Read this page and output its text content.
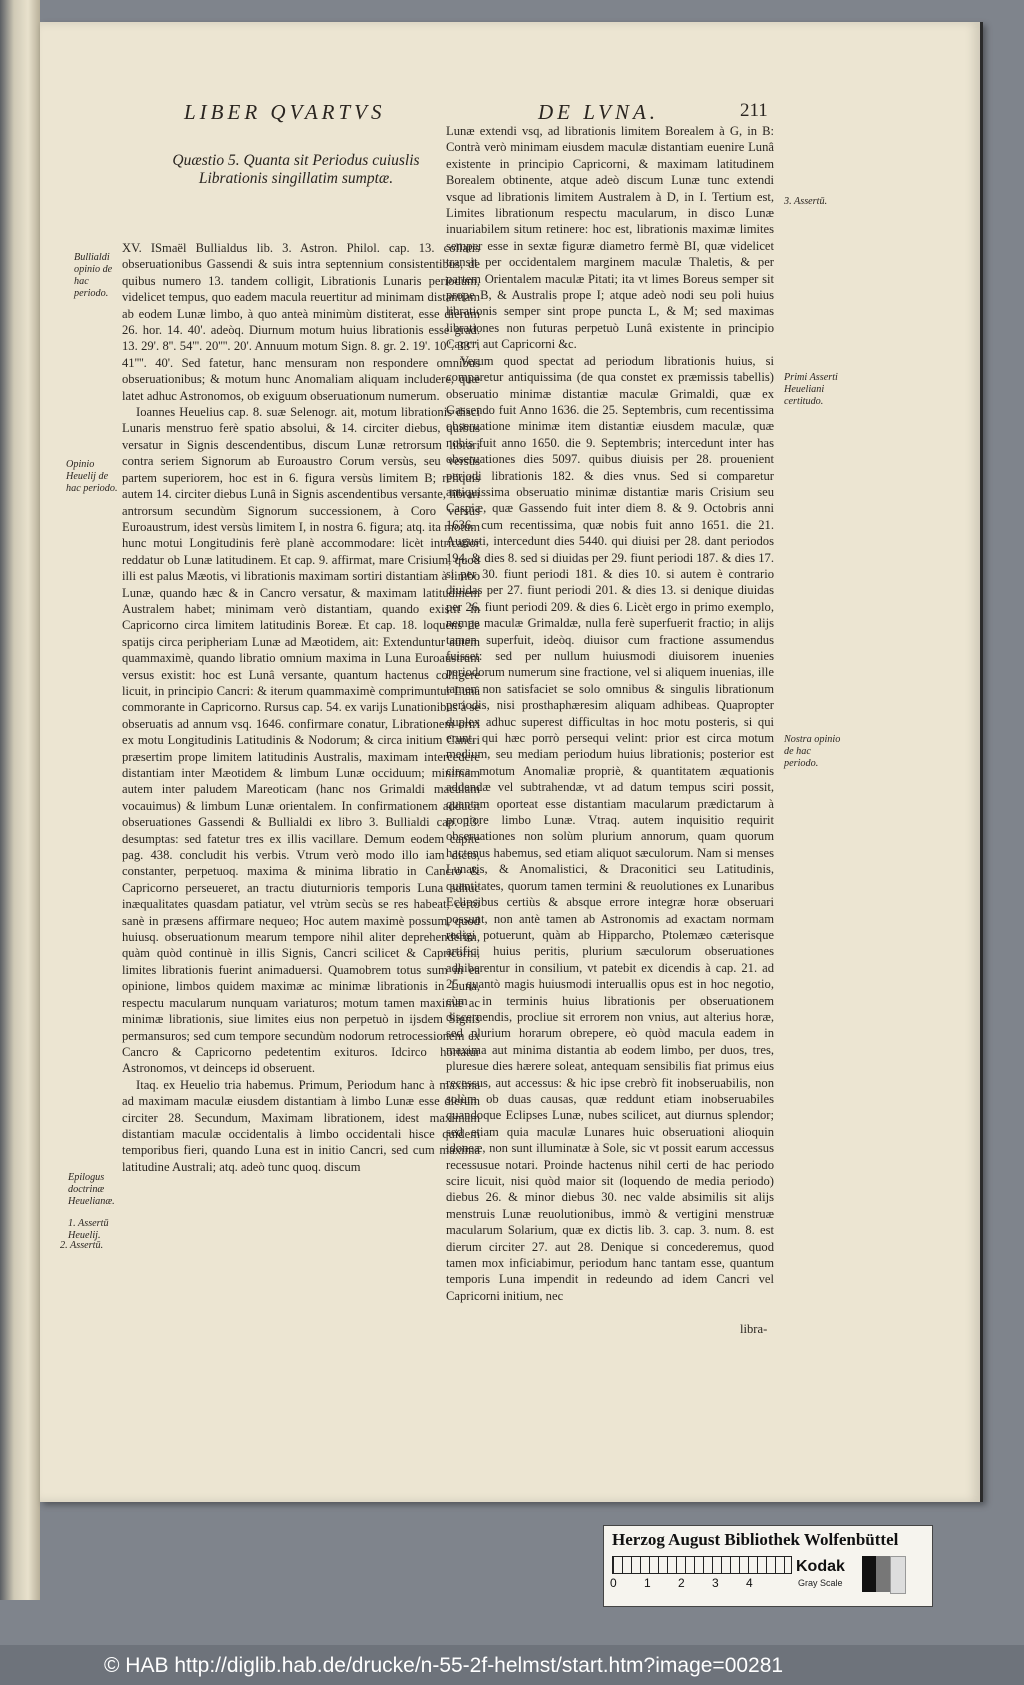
LIBER QVARTVS	DE LVNA.	211
Quæstio 5. Quanta sit Periodus cuiuslis Librationis singillatim sumptæ.

XV. ISmaël Bullialdus lib. 3. Astron. Philol. cap. 13. collatis obseruationibus Gassendi & suis intra septennium consistentibus, de quibus numero 13. tandem colligit, Librationis Lunaris periodum, videlicet tempus, quo eadem macula reuertitur ad minimam distantiam ab eodem Lunæ limbo, à quo anteà minimùm distiterat, esse dierum 26. hor. 14. 40'. adeòq. Diurnum motum huius librationis esse grad. 13. 29'. 8''. 54'''. 20''''. 20'. Annuum motum Sign. 8. gr. 2. 19'. 10''. 33'''. 41''''. 40'. Sed fatetur, hanc mensuram non respondere omnibus obseruationibus; & motum hunc Anomaliam aliquam includere, quæ latet adhuc Astronomos, ob exiguum obseruationum numerum.

Ioannes Heuelius cap. 8. suæ Selenogr. ait, motum librationis disci Lunaris menstruo ferè spatio absolui, & 14. circiter diebus, quibus versatur in Signis descendentibus, discum Lunæ retrorsum librari contra seriem Signorum ab Euroaustro Corum versùs, seu versùs partem superiorem, hoc est in 6. figura versùs limitem B; reliquis autem 14. circiter diebus Lunâ in Signis ascendentibus versante, librari antrorsum secundùm Signorum successionem, à Coro versùs Euroaustrum, idest versùs limitem I, in nostra 6. figura; atq. ita motum hunc motui Longitudinis ferè planè accommodare: licèt intricatior reddatur ob Lunæ latitudinem. Et cap. 9. affirmat, mare Crisium, quod illi est palus Mæotis, vi librationis maximam sortiri distantiam à limbo Lunæ, quando hæc & in Cancro versatur, & maximam latitudinem Australem habet; minimam verò distantiam, quando existit in Capricorno circa limitem latitudinis Boreæ. Et cap. 18. loquens de spatijs circa peripheriam Lunæ ad Mæotidem, ait: Extenduntur autem quammaximè, quando libratio omnium maxima in Luna Euroaustrum versus existit: hoc est Lunâ versante, quantum hactenus colligere licuit, in principio Cancri: & iterum quammaximè comprimuntur Lunâ commorante in Capricorno. Rursus cap. 54. ex varijs Lunationibus à se obseruatis ad annum vsq. 1646. confirmare conatur, Librationem oriri ex motu Longitudinis Latitudinis & Nodorum; & circa initium Cancri præsertim prope limitem latitudinis Australis, maximam intercedere distantiam inter Mæotidem & limbum Lunæ occiduum; minimam autem inter paludem Mareoticam (hanc nos Grimaldi maculam vocauimus) & limbum Lunæ orientalem. In confirmationem adducit obseruationes Gassendi & Bullialdi ex libro 3. Bullialdi cap. 13. desumptas: sed fatetur tres ex illis vacillare. Demum eodem capite pag. 438. concludit his verbis. Vtrum verò modo illo iam dicto, constanter, perpetuoq. maxima & minima libratio in Cancro & Capricorno perseueret, an tractu diuturnioris temporis Luna adhuc inæqualitates quasdam patiatur, vel vtrùm secùs se res habeat, certò sanè in præsens affirmare nequeo; Hoc autem maximè possum, quod huiusq. obseruationum mearum tempore nihil aliter deprehenderim, quàm quòd continuè in illis Signis, Cancri scilicet & Capricorni, limites librationis fuerint animaduersi. Quamobrem totus sum in ea opinione, limbos quidem maximæ ac minimæ librationis in Luna, respectu macularum nunquam variaturos; motum tamen maximæ ac minimæ librationis, siue limites eius non perpetuò in ijsdem Signis permansuros; sed cum tempore secundùm nodorum retrocessionem ex Cancro & Capricorno pedetentim exituros. Idcirco hortatur Astronomos, vt deinceps id obseruent.

Itaq. ex Heuelio tria habemus. Primum, Periodum hanc à maxima ad maximam maculæ eiusdem distantiam à limbo Lunæ esse dierum circiter 28. Secundum, Maximam librationem, idest maximam distantiam maculæ occidentalis à limbo occidentali hisce quidem temporibus fieri, quando Luna est in initio Cancri, sed cum maxima latitudine Australi; atq. adeò tunc quoq. discum

Lunæ extendi vsq, ad librationis limitem Borealem à G, in B: Contrà verò minimam eiusdem maculæ distantiam euenire Lunâ existente in principio Capricorni, & maximam latitudinem Borealem obtinente, atque adeò discum Lunæ tunc extendi vsque ad librationis limitem Australem à D, in I. Tertium est, Limites librationum respectu macularum, in disco Lunæ inuariabilem situm retinere: hoc est, librationis maximæ limites semper esse in sextæ figuræ diametro fermè BI, quæ videlicet transit per occidentalem marginem maculæ Thaletis, & per partem Orientalem maculæ Pitati; ita vt limes Boreus semper sit prope B, & Australis prope I; atque adeò nodi seu poli huius librationis semper sint prope puncta L, & M; sed maximas librationes non futuras perpetuò Lunâ existente in principio Cancri aut Capricorni &c.

Verum quod spectat ad periodum librationis huius, si comparetur antiquissima (de qua constet ex præmissis tabellis) obseruatio minimæ distantiæ maculæ Grimaldi, quæ ex Gassendo fuit Anno 1636. die 25. Septembris, cum recentissima obseruatione minimæ item distantiæ eiusdem maculæ, quæ nobis fuit anno 1650. die 9. Septembris; intercedunt inter has obseruationes dies 5097. quibus diuisis per 28. prouenient periodi librationis 182. & dies vnus. Sed si comparetur antiquissima obseruatio minimæ distantiæ maris Crisium seu Caspiæ, quæ Gassendo fuit inter diem 8. & 9. Octobris anni 1636. cum recentissima, quæ nobis fuit anno 1651. die 21. Augusti, intercedunt dies 5440. qui diuisi per 28. dant periodos 194. & dies 8. sed si diuidas per 29. fiunt periodi 187. & dies 17. si per 30. fiunt periodi 181. & dies 10. si autem è contrario diuidas per 27. fiunt periodi 201. & dies 13. si denique diuidas per 26. fiunt periodi 209. & dies 6. Licèt ergo in primo exemplo, nempe maculæ Grimaldæ, nulla ferè superfuerit fractio; in alijs tamen superfuit, ideòq. diuisor cum fractione assumendus fuisset: sed per nullum huiusmodi diuisorem inuenies periodorum numerum sine fractione, vel si aliquem inuenias, ille tamen non satisfaciet se solo omnibus & singulis librationum periodis, nisi prosthaphæresim aliquam adhibeas. Quapropter duplex adhuc superest difficultas in hoc motu posteris, si qui erunt, qui hæc porrò persequi velint: prior est circa motum medium, seu mediam periodum huius librationis; posterior est circa motum Anomaliæ propriè, & quantitatem æquationis addendæ vel subtrahendæ, vt ad datum tempus sciri possit, quantam oporteat esse distantiam macularum prædictarum à propiore limbo Lunæ. Vtraq. autem inquisitio requirit obseruationes non solùm plurium annorum, quam quorum hactenus habemus, sed etiam aliquot sæculorum. Nam si menses Lunaris, & Anomalistici, & Draconitici seu Latitudinis, quantitates, quorum tamen termini & reuolutiones ex Lunaribus Eclipsibus certiùs & absque errore integræ horæ obseruari possunt, non antè tamen ab Astronomis ad exactam normam redigi potuerunt, quàm ab Hipparcho, Ptolemæo cæterisque artifici huius peritis, plurium sæculorum obseruationes adhiberentur in consilium, vt patebit ex dicendis à cap. 21. ad 25. quantò magis huiusmodi interuallis opus est in hoc negotio, cùm in terminis huius librationis per obseruationem discernendis, procliue sit errorem non vnius, aut alterius horæ, sed plurium horarum obrepere, eò quòd macula eadem in maxima aut minima distantia ab eodem limbo, per duos, tres, pluresue dies hærere soleat, antequam sensibilis fiat primus eius recessus, aut accessus: & hic ipse crebrò fit inobseruabilis, non solùm ob duas causas, quæ reddunt etiam inobseruabiles quandoque Eclipses Lunæ, nubes scilicet, aut diurnus splendor; sed etiam quia maculæ Lunares huic obseruationi alioquin idoneæ, non sunt illuminatæ à Sole, sic vt possit earum accessus recessusue notari. Proinde hactenus nihil certi de hac periodo scire licuit, nisi quòd maior sit (loquendo de media periodo) diebus 26. & minor diebus 30. nec valde absimilis sit alijs menstruis Lunæ reuolutionibus, immò & vertigini menstruæ macularum Solarium, quæ ex dictis lib. 3. cap. 3. num. 8. est dierum circiter 27. aut 28. Denique si concederemus, quod tamen mox inficiabimur, periodum hanc tantam esse, quantum temporis Luna impendit in redeundo ad idem Cancri vel Capricorni initium, nec

Bullialdi opinio de hac periodo.
Opinio Heuelij de hac periodo.
Epilogus doctrinæ Heuelianæ.
1. Assertū Heuelij.
2. Assertū.
3. Assertū.
Primi Asserti Heueliani certitudo.
Nostra opinio de hac periodo.
libra-
Herzog August Bibliothek Wolfenbüttel
0 1 2 3 4
Kodak
Gray Scale
© HAB http://diglib.hab.de/drucke/n-55-2f-helmst/start.htm?image=00281
